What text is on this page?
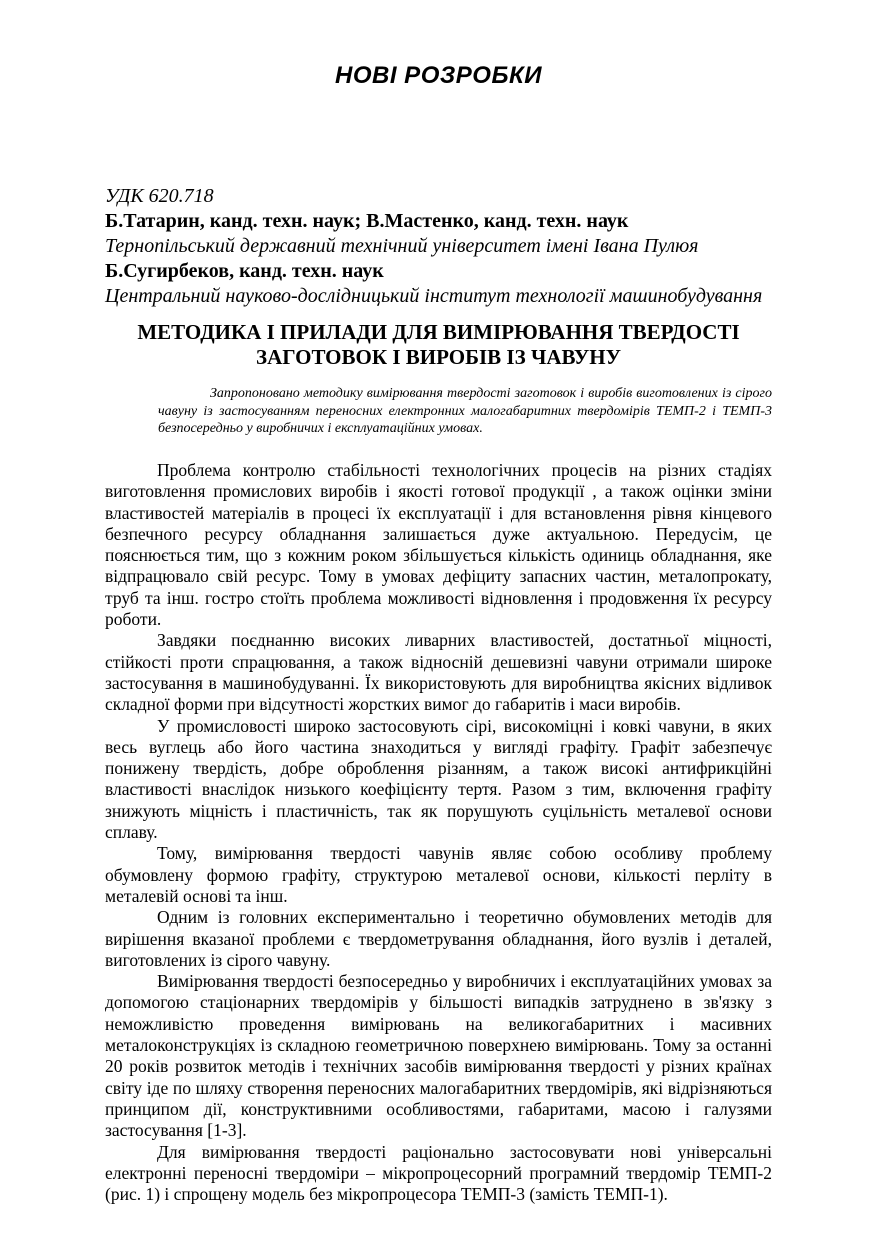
НОВІ РОЗРОБКИ
УДК 620.718
Б.Татарин, канд. техн. наук; В.Мастенко, канд. техн. наук
Тернопільський державний технічний університет імені Івана Пулюя
Б.Сугирбеков, канд. техн. наук
Центральний науково-дослідницький інститут технології машинобудування
МЕТОДИКА І ПРИЛАДИ ДЛЯ ВИМІРЮВАННЯ ТВЕРДОСТІ
ЗАГОТОВОК І ВИРОБІВ ІЗ ЧАВУНУ
Запропоновано методику вимірювання твердості заготовок і виробів виготовлених із сірого чавуну із застосуванням переносних електронних малогабаритних твердомірів ТЕМП-2 і ТЕМП-3 безпосередньо у виробничих і експлуатаційних умовах.

Проблема контролю стабільності технологічних процесів на різних стадіях виготовлення промислових виробів і якості готової продукції , а також оцінки зміни властивостей матеріалів в процесі їх експлуатації і для встановлення рівня кінцевого безпечного ресурсу обладнання залишається дуже актуальною. Передусім, це пояснюється тим, що з кожним роком збільшується кількість одиниць обладнання, яке відпрацювало свій ресурс. Тому в умовах дефіциту запасних частин, металопрокату, труб та інш. гостро стоїть проблема можливості відновлення і продовження їх ресурсу роботи.

Завдяки поєднанню високих ливарних властивостей, достатньої міцності, стійкості проти спрацювання, а також відносній дешевизні чавуни отримали широке застосування в машинобудуванні. Їх використовують для виробництва якісних відливок складної форми при відсутності жорстких вимог до габаритів і маси виробів.

У промисловості широко застосовують сірі, високоміцні і ковкі чавуни, в яких весь вуглець або його частина знаходиться у вигляді графіту. Графіт забезпечує понижену твердість, добре оброблення різанням, а також високі антифрикційні властивості внаслідок низького коефіцієнту тертя. Разом з тим, включення графіту знижують міцність і пластичність, так як порушують суцільність металевої основи сплаву.

Тому, вимірювання твердості чавунів являє собою особливу проблему обумовлену формою графіту, структурою металевої основи, кількості перліту в металевій основі та інш.

Одним із головних експериментально і теоретично обумовлених методів для вирішення вказаної проблеми є твердометрування обладнання, його вузлів і деталей, виготовлених із сірого чавуну.

Вимірювання твердості безпосередньо у виробничих і експлуатаційних умовах за допомогою стаціонарних твердомірів у більшості випадків затруднено в зв'язку з неможливістю проведення вимірювань на великогабаритних і масивних металоконструкціях із складною геометричною поверхнею вимірювань. Тому за останні 20 років розвиток методів і технічних засобів вимірювання твердості у різних країнах світу іде по шляху створення переносних малогабаритних твердомірів, які відрізняються принципом дії, конструктивними особливостями, габаритами, масою і галузями застосування [1-3].

Для вимірювання твердості раціонально застосовувати нові універсальні електронні переносні твердоміри – мікропроцесорний програмний твердомір ТЕМП-2 (рис. 1) і спрощену модель без мікропроцесора ТЕМП-3 (замість ТЕМП-1).
